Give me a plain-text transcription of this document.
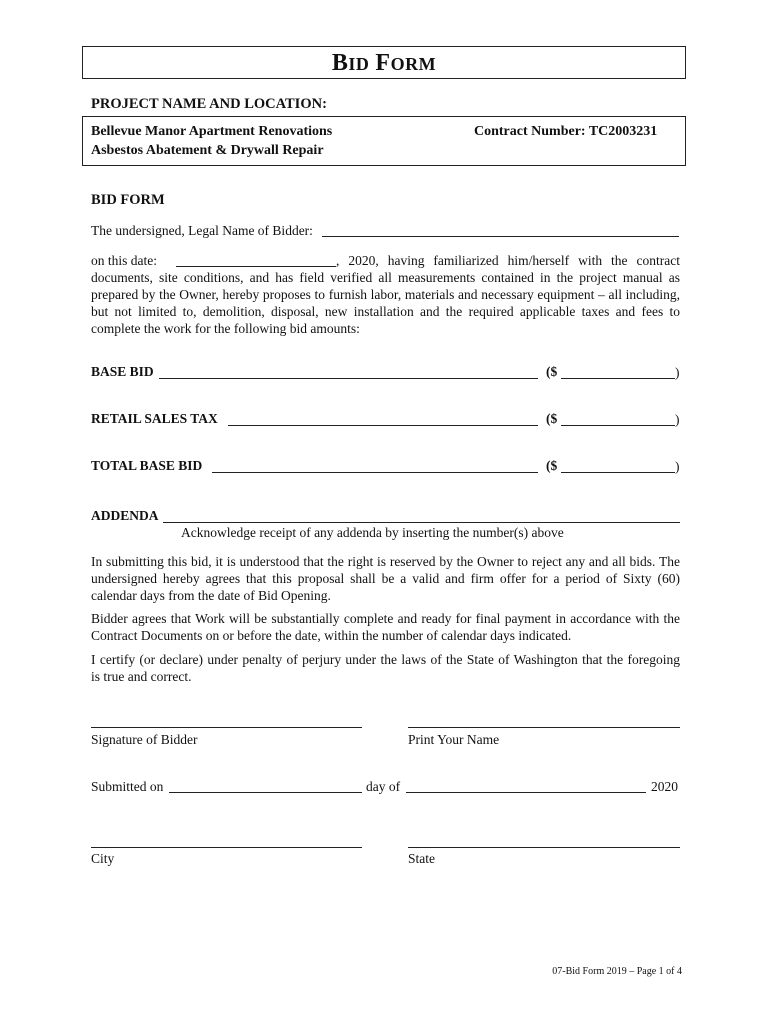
BID FORM
PROJECT NAME AND LOCATION:
Bellevue Manor Apartment Renovations
Asbestos Abatement & Drywall Repair
Contract Number: TC2003231
BID FORM
The undersigned, Legal Name of Bidder:
on this date:	, 2020, having familiarized him/herself with the contract
documents, site conditions, and has field verified all measurements contained in the project manual as
prepared by the Owner, hereby proposes to furnish labor, materials and necessary equipment – all including,
but not limited to, demolition, disposal, new installation and the required applicable taxes and fees to
complete the work for the following bid amounts:
BASE BID	($	)
RETAIL SALES TAX	($	)
TOTAL BASE BID	($	)
ADDENDA
Acknowledge receipt of any addenda by inserting the number(s) above
In submitting this bid, it is understood that the right is reserved by the Owner to reject any and all bids. The
undersigned hereby agrees that this proposal shall be a valid and firm offer for a period of Sixty (60)
calendar days from the date of Bid Opening.
Bidder agrees that Work will be substantially complete and ready for final payment in accordance with the
Contract Documents on or before the date, within the number of calendar days indicated.
I certify (or declare) under penalty of perjury under the laws of the State of Washington that the foregoing
is true and correct.
Signature of Bidder	Print Your Name
Submitted on	day of	2020
City	State
07-Bid Form 2019 – Page 1 of 4
